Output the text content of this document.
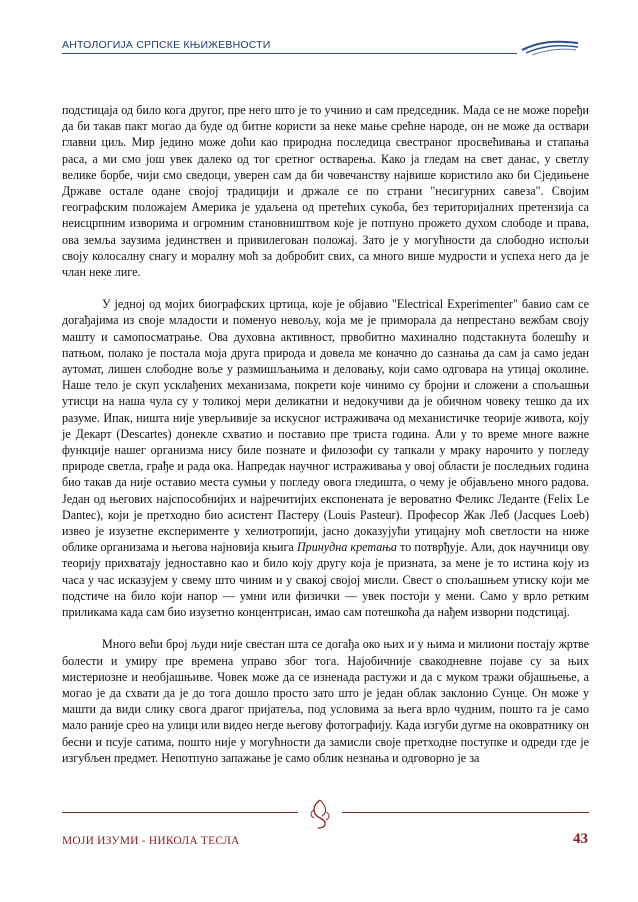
АНТОЛОГИЈА СРПСКЕ КЊИЖЕВНОСТИ

подстицаја од било кога другог, пре него што је то учинио и сам председник. Мада се не може поређи да би такав пакт могао да буде од битне користи за неке мање срећне народе, он не може да оствари главни циљ. Мир једино може доћи као природна последица свестраног просвећивања и стапања раса, а ми смо још увек далеко од тог сретног остварења. Како ја гледам на свет данас, у светлу велике борбе, чији смо сведоци, уверен сам да би човечанству највише користило ако би Сједињене Државе остале одане својој традицији и држале се по страни "несигурних савеза". Својим географским положајем Америка је удаљена од претећих сукоба, без територијалних претензија са неисцрпним изворима и огромним становништвом које је потпуно прожето духом слободе и права, ова земља заузима јединствен и привилегован положај. Зато је у могућности да слободно испољи своју колосалну снагу и моралну моћ за добробит свих, са много више мудрости и успеха него да је члан неке лиге.

У једној од мојих биографских цртица, које је објавио "Electrical Experimenter" бавио сам се догађајима из своје младости и поменуо невољу, која ме је приморала да непрестано вежбам своју машту и самопосматрање. Ова духовна активност, првобитно махинално подстакнута болешћу и патњом, полако је постала моја друга природа и довела ме коначно до сазнања да сам ја само један аутомат, лишен слободне воље у размишљањима и деловању, који само одговара на утицај околине. Наше тело је скуп усклађених механизама, покрети које чинимо су бројни и сложени а спољашњи утисци на наша чула су у толикој мери деликатни и недокучиви да је обичном човеку тешко да их разуме. Ипак, ништа није уверљивије за искусног истраживача од механистичке теорије живота, коју је Декарт (Descartes) донекле схватио и поставио пре триста година. Али у то време многе важне функције нашег организма нису биле познате и филозофи су тапкали у мраку нарочито у погледу природе светла, грађе и рада ока. Напредак научног истраживања у овој области је последњих година био такав да није оставио места сумњи у погледу овога гледишта, о чему је објављено много радова. Један од његових најспособнијих и најречитијих експонената је вероватно Феликс Леданте (Felix Le Dantec), који је претходно био асистент Пастеру (Louis Pasteur). Професор Жак Леб (Jacques Loeb) извео је изузетне експерименте у хелиотропији, јасно доказујући утицајну моћ светлости на ниже облике организама и његова најновија књига Принудна кретања то потврђује. Али, док научници ову теорију прихватају једноставно као и било коју другу која је призната, за мене је то истина коју из часа у час исказујем у свему што чиним и у свакој својој мисли. Свест о спољашњем утиску који ме подстиче на било који напор — умни или физички — увек постоји у мени. Само у врло ретким приликама када сам био изузетно концентрисан, имао сам потешкоћа да нађем изворни подстицај.

Много већи број људи није свестан шта се догађа око њих и у њима и милиони постају жртве болести и умиру пре времена управо због тога. Најобичније свакодневне појаве су за њих мистериозне и необјашњиве. Човек може да се изненада растужи и да с муком тражи објашњење, а могао је да схвати да је до тога дошло просто зато што је један облак заклонио Сунце. Он може у машти да види слику свога драгог пријатеља, под условима за њега врло чудним, пошто га је само мало раније срео на улици или видео негде његову фотографију. Када изгуби дугме на оковратнику он бесни и псује сатима, пошто није у могућности да замисли своје претходне поступке и одреди где је изгубљен предмет. Непотпуно запажање је само облик незнања и одговорно је за

МОЈИ ИЗУМИ - НИКОЛА ТЕСЛА	43
